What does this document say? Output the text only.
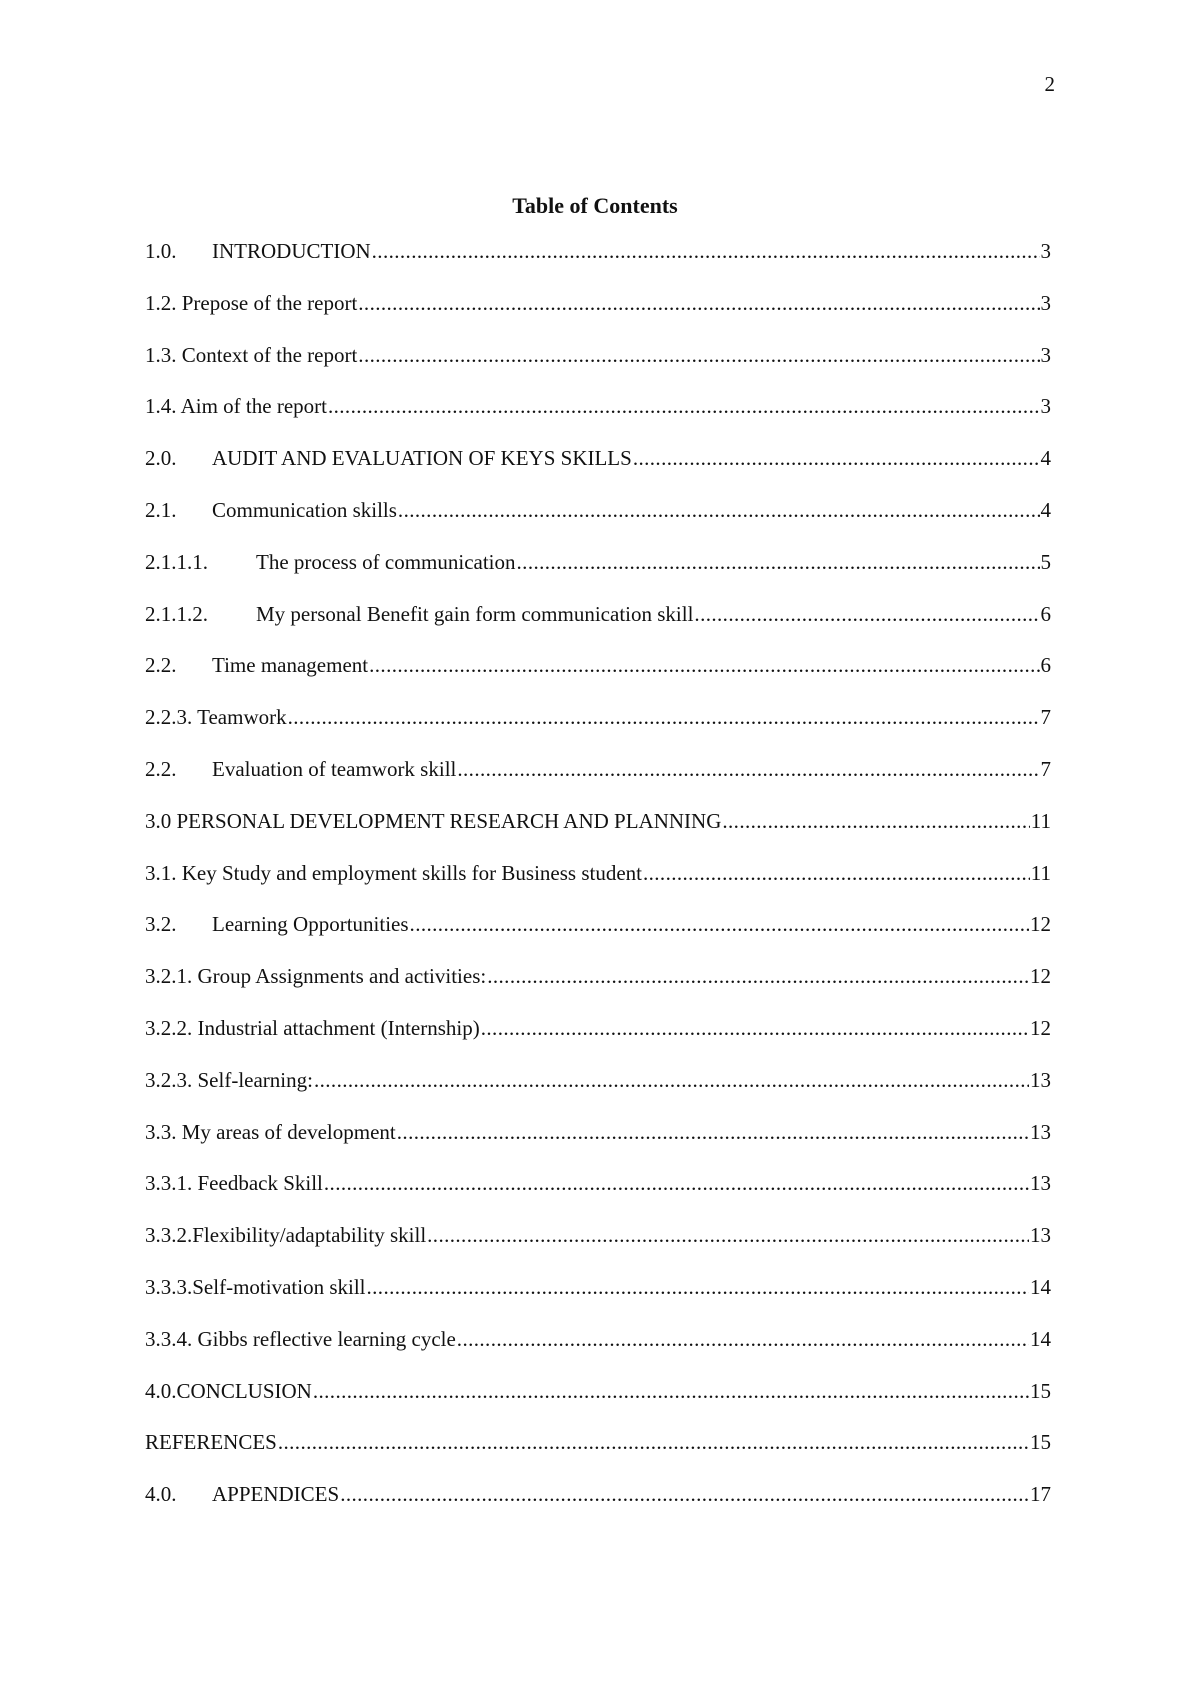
2
Table of Contents
1.0.	INTRODUCTION .....	3
1.2. Prepose of the report .....	3
1.3. Context of the report .....	3
1.4. Aim of the report .....	3
2.0.	AUDIT AND EVALUATION OF KEYS SKILLS .....	4
2.1.	Communication skills .....	4
2.1.1.1.	The process of communication .....	5
2.1.1.2.	My personal Benefit gain form communication skill .....	6
2.2.	Time management .....	6
2.2.3. Teamwork .....	7
2.2.	Evaluation of teamwork skill .....	7
3.0 PERSONAL DEVELOPMENT RESEARCH AND PLANNING .....	11
3.1. Key Study and employment skills for Business student .....	11
3.2.	Learning Opportunities .....	12
3.2.1. Group Assignments and activities: .....	12
3.2.2. Industrial attachment (Internship) .....	12
3.2.3. Self-learning: .....	13
3.3. My areas of development .....	13
3.3.1. Feedback Skill .....	13
3.3.2.Flexibility/adaptability skill .....	13
3.3.3.Self-motivation skill .....	14
3.3.4. Gibbs reflective learning cycle .....	14
4.0.CONCLUSION .....	15
REFERENCES .....	15
4.0.	APPENDICES .....	17
